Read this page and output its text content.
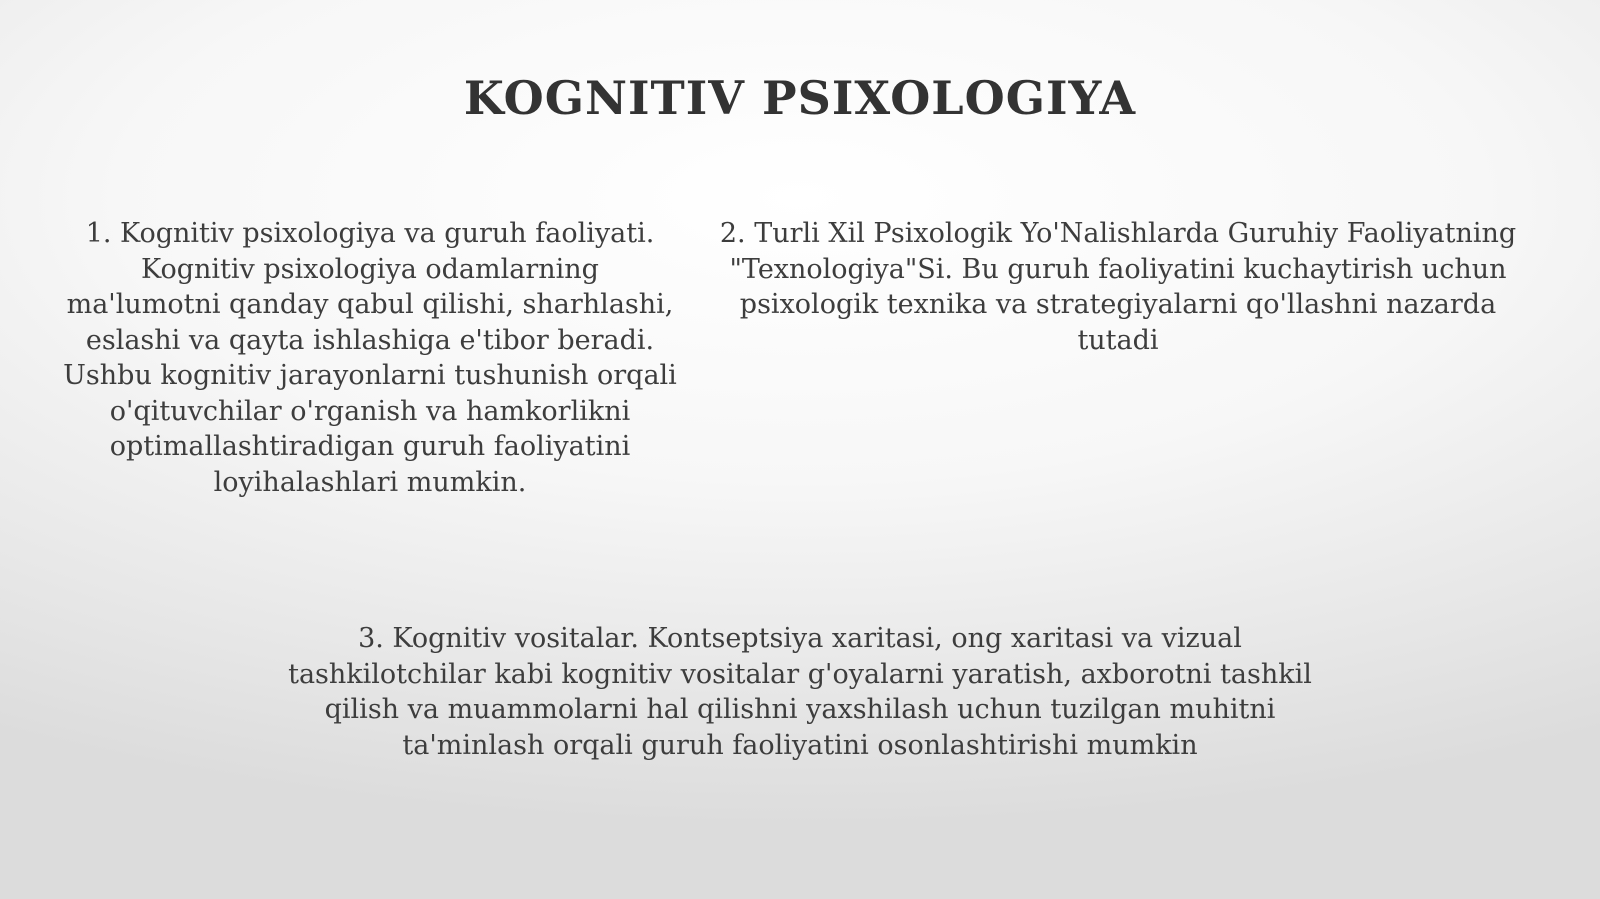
KOGNITIV PSIXOLOGIYA
1. Kognitiv psixologiya va guruh faoliyati. Kognitiv psixologiya odamlarning ma'lumotni qanday qabul qilishi, sharhlashi, eslashi va qayta ishlashiga e'tibor beradi. Ushbu kognitiv jarayonlarni tushunish orqali o'qituvchilar o'rganish va hamkorlikni optimallashtiradigan guruh faoliyatini loyihalashlari mumkin.
2. Turli Xil Psixologik Yo'Nalishlarda Guruhiy Faoliyatning "Texnologiya"Si. Bu guruh faoliyatini kuchaytirish uchun psixologik texnika va strategiyalarni qo'llashni nazarda tutadi
3. Kognitiv vositalar. Kontseptsiya xaritasi, ong xaritasi va vizual tashkilotchilar kabi kognitiv vositalar g'oyalarni yaratish, axborotni tashkil qilish va muammolarni hal qilishni yaxshilash uchun tuzilgan muhitni ta'minlash orqali guruh faoliyatini osonlashtirishi mumkin
